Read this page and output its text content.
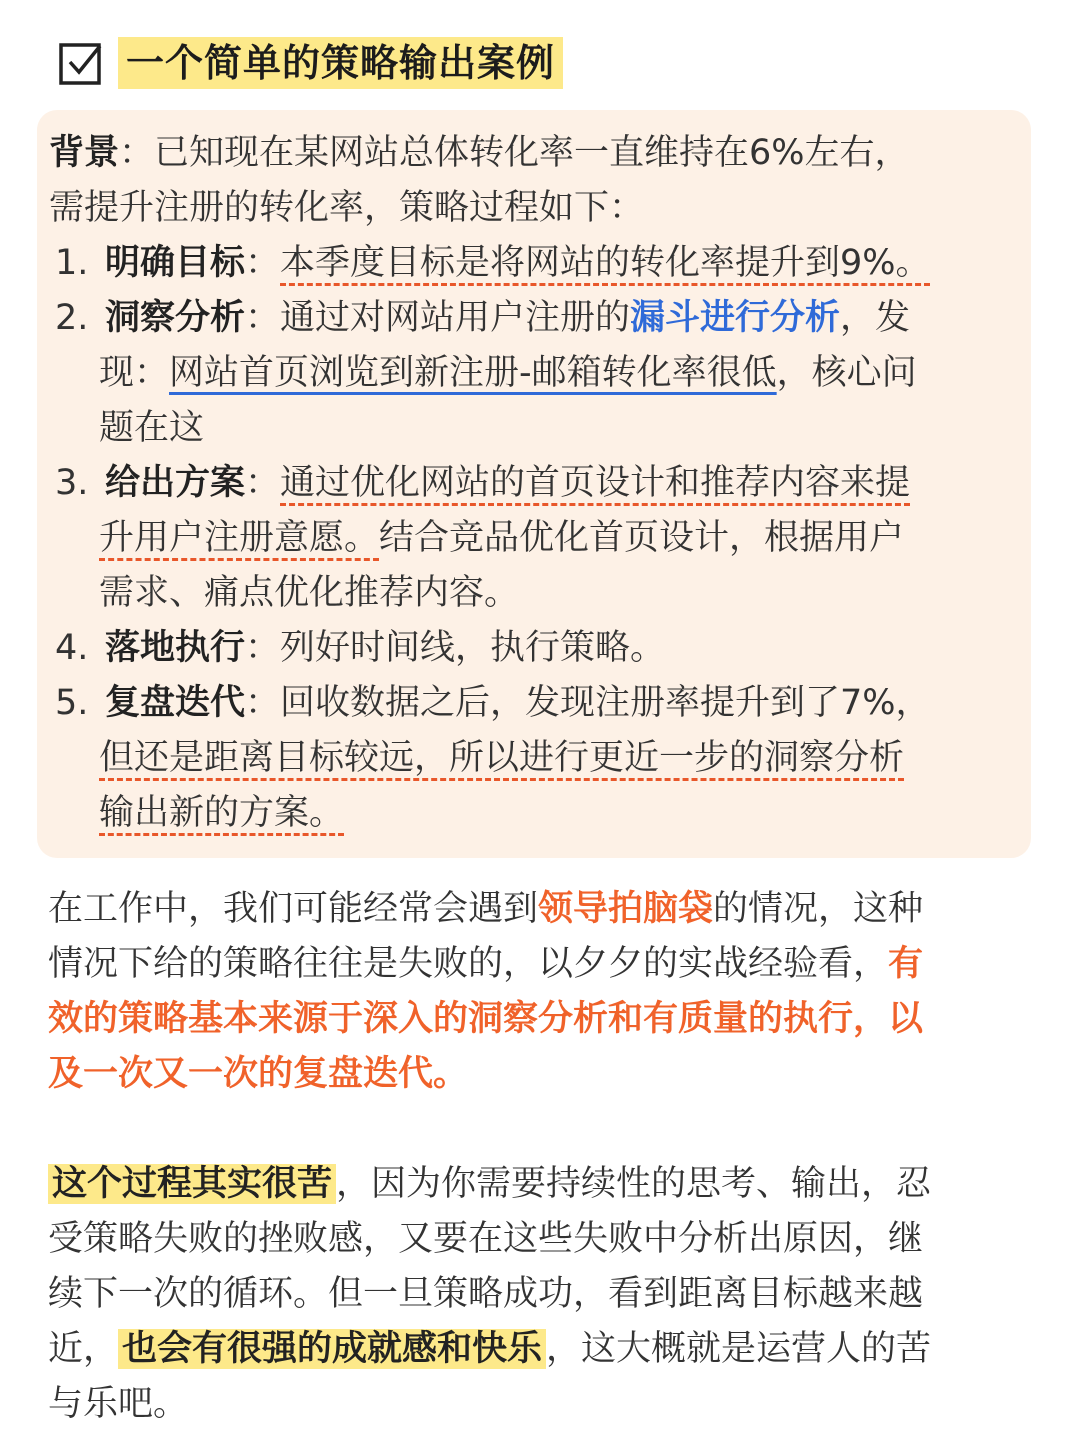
一个简单的策略输出案例
背景：已知现在某网站总体转化率一直维持在6%左右，
需提升注册的转化率，策略过程如下：
1. 明确目标：本季度目标是将网站的转化率提升到9%。
2. 洞察分析：通过对网站用户注册的漏斗进行分析，发
现：网站首页浏览到新注册-邮箱转化率很低，核心问
题在这
3. 给出方案：通过优化网站的首页设计和推荐内容来提
升用户注册意愿。结合竞品优化首页设计，根据用户
需求、痛点优化推荐内容。
4. 落地执行：列好时间线，执行策略。
5. 复盘迭代：回收数据之后，发现注册率提升到了7%，
但还是距离目标较远，所以进行更近一步的洞察分析
输出新的方案。
在工作中，我们可能经常会遇到领导拍脑袋的情况，这种
情况下给的策略往往是失败的，以夕夕的实战经验看，有
效的策略基本来源于深入的洞察分析和有质量的执行，以
及一次又一次的复盘迭代。
这个过程其实很苦 ，因为你需要持续性的思考、输出，忍
受策略失败的挫败感，又要在这些失败中分析出原因，继
续下一次的循环。但一旦策略成功，看到距离目标越来越
近， 也会有很强的成就感和快乐 ，这大概就是运营人的苦
与乐吧。
